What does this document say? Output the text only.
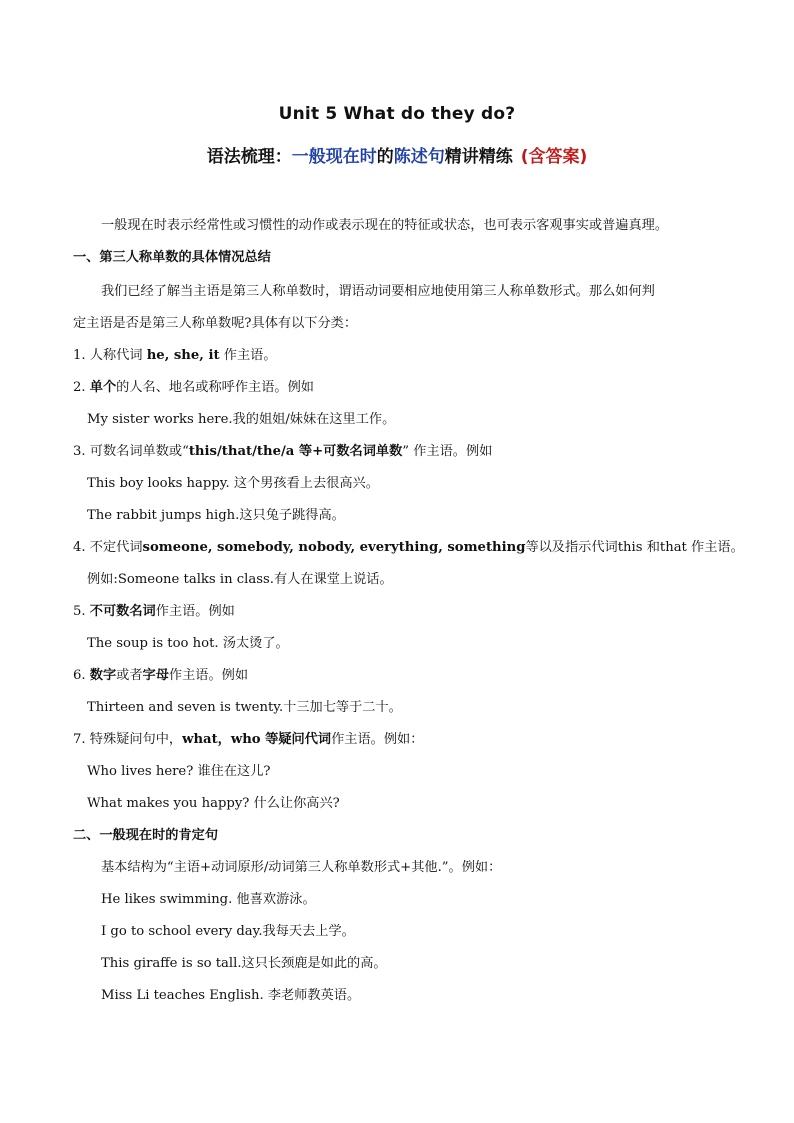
Unit 5 What do they do?
语法梳理：一般现在时的陈述句精讲精练 (含答案)
一般现在时表示经常性或习惯性的动作或表示现在的特征或状态，也可表示客观事实或普遍真理。
一、第三人称单数的具体情况总结
我们已经了解当主语是第三人称单数时，谓语动词要相应地使用第三人称单数形式。那么如何判
定主语是否是第三人称单数呢?具体有以下分类：
1. 人称代词 he, she, it 作主语。
2. 单个的人名、地名或称呼作主语。例如
My sister works here.我的姐姐/妹妹在这里工作。
3. 可数名词单数或“this/that/the/a 等+可数名词单数” 作主语。例如
This boy looks happy. 这个男孩看上去很高兴。
The rabbit jumps high.这只兔子跳得高。
4. 不定代词someone, somebody, nobody, everything, something等以及指示代词this 和that 作主语。
例如:Someone talks in class.有人在课堂上说话。
5. 不可数名词作主语。例如
The soup is too hot. 汤太烫了。
6. 数字或者字母作主语。例如
Thirteen and seven is twenty.十三加七等于二十。
7. 特殊疑问句中，what，who 等疑问代词作主语。例如：
Who lives here? 谁住在这儿?
What makes you happy? 什么让你高兴?
二、一般现在时的肯定句
基本结构为“主语+动词原形/动词第三人称单数形式+其他.”。例如：
He likes swimming. 他喜欢游泳。
I go to school every day.我每天去上学。
This giraffe is so tall.这只长颈鹿是如此的高。
Miss Li teaches English. 李老师教英语。
